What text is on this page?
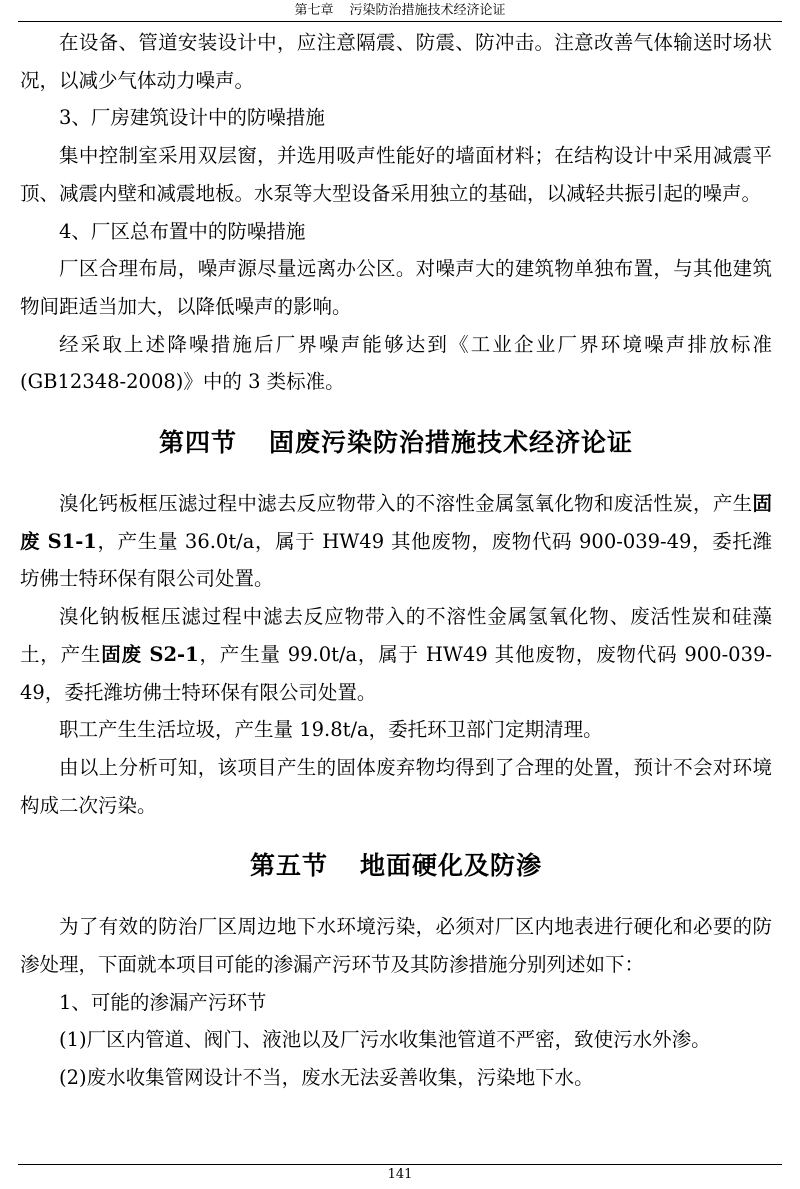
第七章 污染防治措施技术经济论证

在设备、管道安装设计中，应注意隔震、防震、防冲击。注意改善气体输送时场状况，以减少气体动力噪声。

3、厂房建筑设计中的防噪措施

集中控制室采用双层窗，并选用吸声性能好的墙面材料；在结构设计中采用减震平顶、减震内壁和减震地板。水泵等大型设备采用独立的基础，以减轻共振引起的噪声。

4、厂区总布置中的防噪措施

厂区合理布局，噪声源尽量远离办公区。对噪声大的建筑物单独布置，与其他建筑物间距适当加大，以降低噪声的影响。

经采取上述降噪措施后厂界噪声能够达到《工业企业厂界环境噪声排放标准(GB12348-2008)》中的 3 类标准。

第四节 固废污染防治措施技术经济论证

溴化钙板框压滤过程中滤去反应物带入的不溶性金属氢氧化物和废活性炭，产生固废 S1-1，产生量 36.0t/a，属于 HW49 其他废物，废物代码 900-039-49，委托潍坊佛士特环保有限公司处置。

溴化钠板框压滤过程中滤去反应物带入的不溶性金属氢氧化物、废活性炭和硅藻土，产生固废 S2-1，产生量 99.0t/a，属于 HW49 其他废物，废物代码 900-039-49，委托潍坊佛士特环保有限公司处置。

职工产生生活垃圾，产生量 19.8t/a，委托环卫部门定期清理。

由以上分析可知，该项目产生的固体废弃物均得到了合理的处置，预计不会对环境构成二次污染。

第五节 地面硬化及防渗

为了有效的防治厂区周边地下水环境污染，必须对厂区内地表进行硬化和必要的防渗处理，下面就本项目可能的渗漏产污环节及其防渗措施分别列述如下：

1、可能的渗漏产污环节

(1)厂区内管道、阀门、液池以及厂污水收集池管道不严密，致使污水外渗。

(2)废水收集管网设计不当，废水无法妥善收集，污染地下水。

141
